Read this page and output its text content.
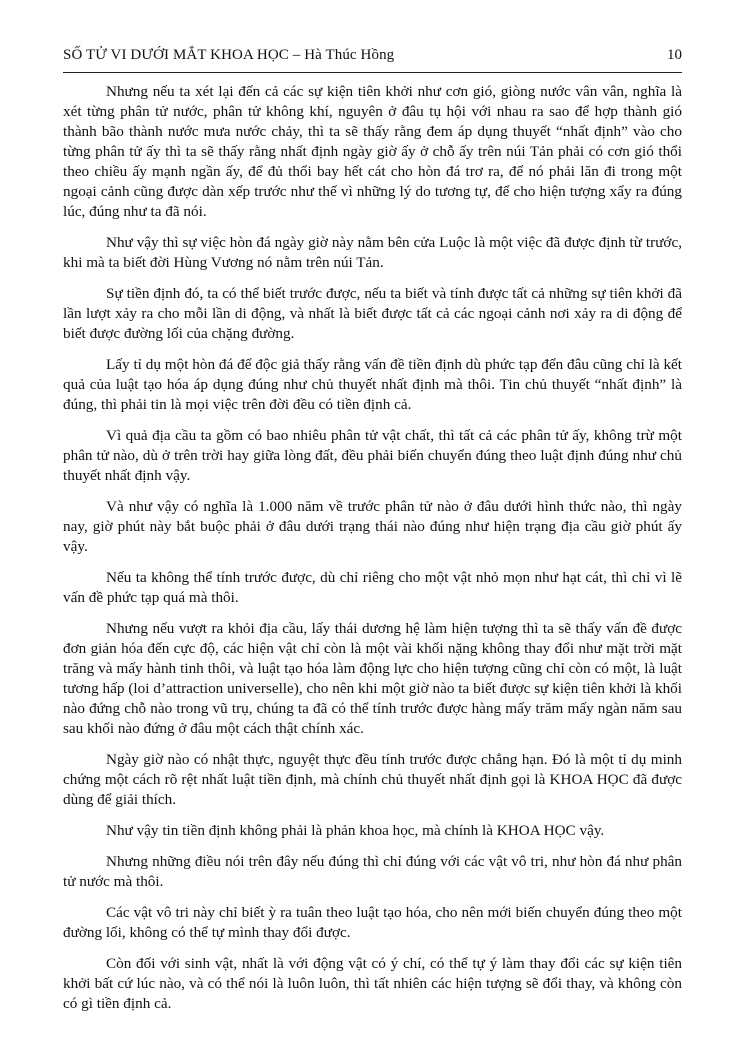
SỐ TỬ VI DƯỚI MẮT KHOA HỌC – Hà Thúc Hồng	10

Nhưng nếu ta xét lại đến cả các sự kiện tiên khởi như cơn gió, giòng nước vân vân, nghĩa là xét từng phân tử nước, phân tử không khí, nguyên ở đâu tụ hội với nhau ra sao để hợp thành gió thành bão thành nước mưa nước chảy, thì ta sẽ thấy rằng đem áp dụng thuyết “nhất định” vào cho từng phân tử ấy thì ta sẽ thấy rằng nhất định ngày giờ ấy ở chỗ ấy trên núi Tản phải có cơn gió thổi theo chiều ấy mạnh ngần ấy, để đủ thổi bay hết cát cho hòn đá trơ ra, để nó phải lăn đi trong một ngoại cảnh cũng được dàn xếp trước như thế vì những lý do tương tự, để cho hiện tượng xẩy ra đúng lúc, đúng như ta đã nói.

Như vậy thì sự việc hòn đá ngày giờ này nằm bên cửa Luộc là một việc đã được định từ trước, khi mà ta biết đời Hùng Vương nó nằm trên núi Tản.

Sự tiền định đó, ta có thể biết trước được, nếu ta biết và tính được tất cả những sự tiên khởi đã lần lượt xảy ra cho mỗi lần di động, và nhất là biết được tất cả các ngoại cảnh nơi xảy ra di động để biết được đường lối của chặng đường.

Lấy tỉ dụ một hòn đá để độc giả thấy rằng vấn đề tiền định dù phức tạp đến đâu cũng chỉ là kết quả của luật tạo hóa áp dụng đúng như chủ thuyết nhất định mà thôi. Tin chủ thuyết “nhất định” là đúng, thì phải tin là mọi việc trên đời đều có tiền định cả.

Vì quả địa cầu ta gồm có bao nhiêu phân tử vật chất, thì tất cả các phân tử ấy, không trừ một phân tử nào, dù ở trên trời hay giữa lòng đất, đều phải biến chuyển đúng theo luật định đúng như chủ thuyết nhất định vậy.

Và như vậy có nghĩa là 1.000 năm về trước phân tử nào ở đâu dưới hình thức nào, thì ngày nay, giờ phút này bắt buộc phải ở đâu dưới trạng thái nào đúng như hiện trạng địa cầu giờ phút ấy vậy.

Nếu ta không thể tính trước được, dù chỉ riêng cho một vật nhỏ mọn như hạt cát, thì chỉ vì lẽ vấn đề phức tạp quá mà thôi.

Nhưng nếu vượt ra khỏi địa cầu, lấy thái dương hệ làm hiện tượng thì ta sẽ thấy vấn đề được đơn giản hóa đến cực độ, các hiện vật chỉ còn là một vài khối nặng không thay đổi như mặt trời mặt trăng và mấy hành tinh thôi, và luật tạo hóa làm động lực cho hiện tượng cũng chỉ còn có một, là luật tương hấp (loi d’attraction universelle), cho nên khi một giờ nào ta biết được sự kiện tiên khởi là khối nào đứng chỗ nào trong vũ trụ, chúng ta đã có thể tính trước được hàng mấy trăm mấy ngàn năm sau sau khối nào đứng ở đâu một cách thật chính xác.

Ngày giờ nào có nhật thực, nguyệt thực đều tính trước được chẳng hạn. Đó là một tỉ dụ minh chứng một cách rõ rệt nhất luật tiền định, mà chính chủ thuyết nhất định gọi là KHOA HỌC đã được dùng để giải thích.

Như vậy tin tiền định không phải là phản khoa học, mà chính là KHOA HỌC vậy.

Nhưng những điều nói trên đây nếu đúng thì chỉ đúng với các vật vô tri, như hòn đá như phân tử nước mà thôi.

Các vật vô tri này chỉ biết ỳ ra tuân theo luật tạo hóa, cho nên mới biến chuyển đúng theo một đường lối, không có thể tự mình thay đổi được.

Còn đối với sinh vật, nhất là với động vật có ý chí, có thể tự ý làm thay đổi các sự kiện tiên khởi bất cứ lúc nào, và có thể nói là luôn luôn, thì tất nhiên các hiện tượng sẽ đổi thay, và không còn có gì tiền định cả.
